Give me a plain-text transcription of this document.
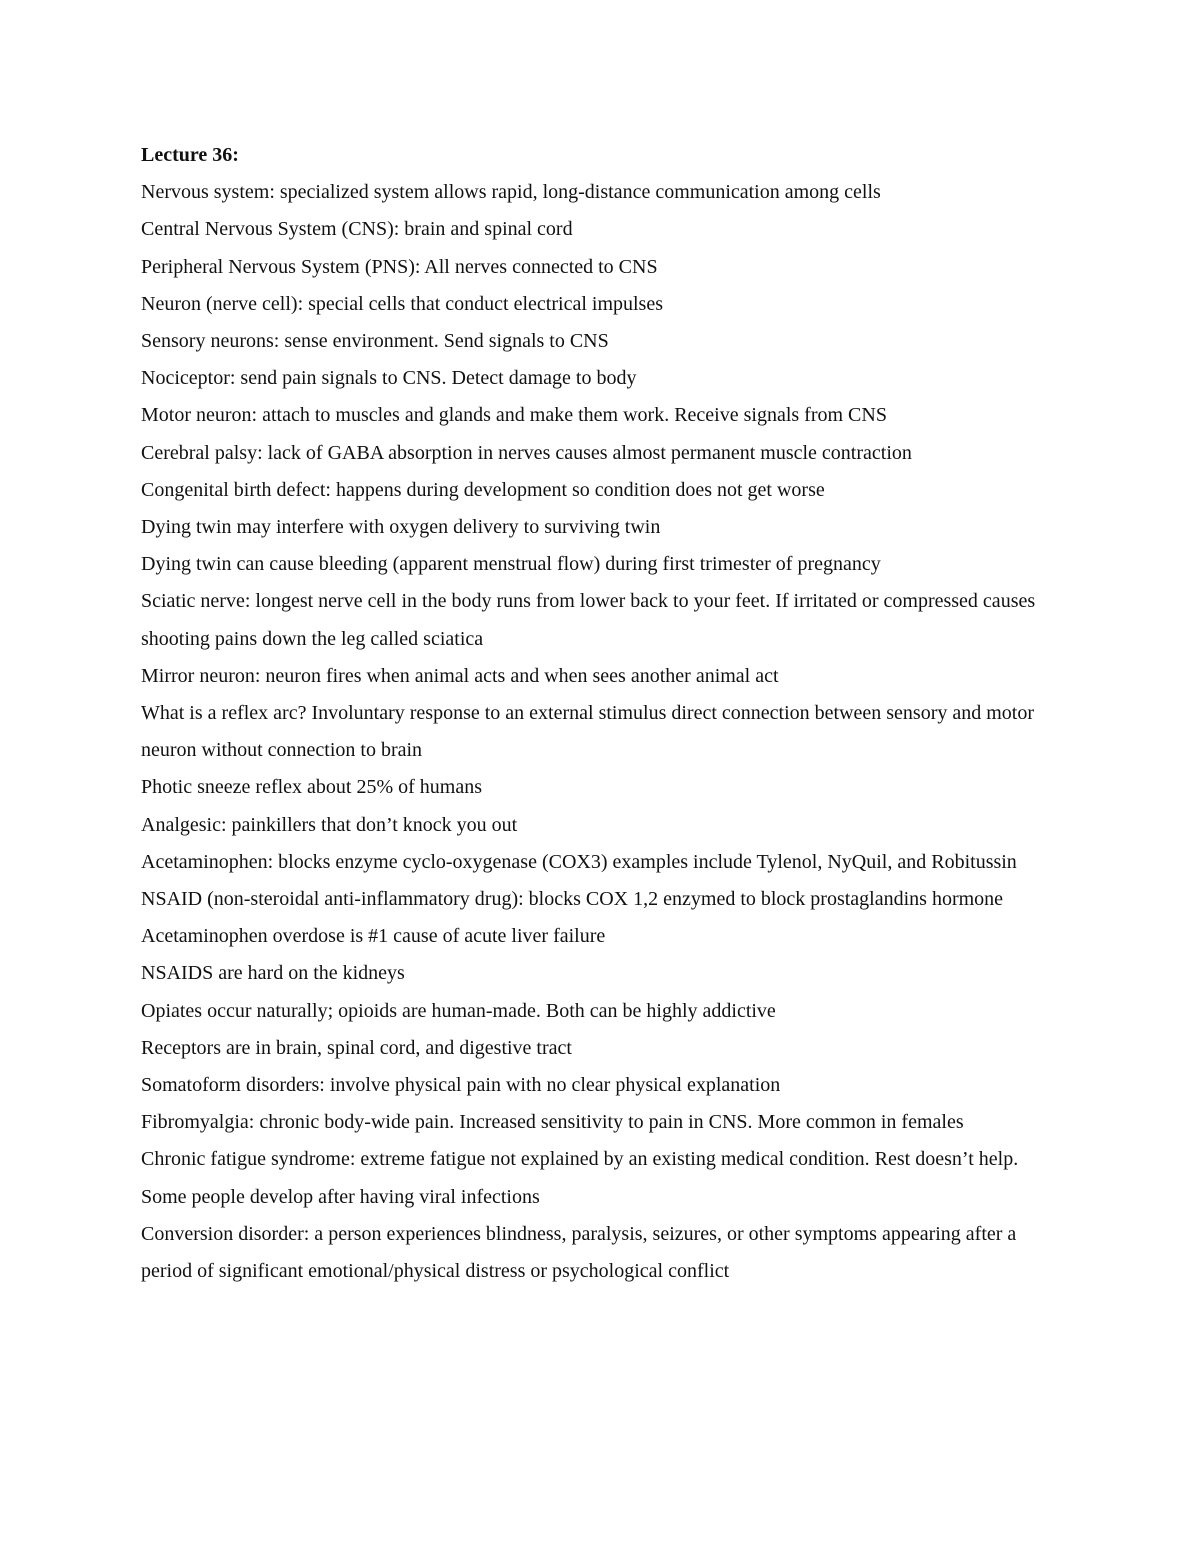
Lecture 36:

Nervous system: specialized system allows rapid, long-distance communication among cells

Central Nervous System (CNS): brain and spinal cord

Peripheral Nervous System (PNS): All nerves connected to CNS

Neuron (nerve cell): special cells that conduct electrical impulses

Sensory neurons: sense environment. Send signals to CNS

Nociceptor: send pain signals to CNS. Detect damage to body

Motor neuron: attach to muscles and glands and make them work. Receive signals from CNS

Cerebral palsy: lack of GABA absorption in nerves causes almost permanent muscle contraction

Congenital birth defect: happens during development so condition does not get worse

Dying twin may interfere with oxygen delivery to surviving twin

Dying twin can cause bleeding (apparent menstrual flow) during first trimester of pregnancy

Sciatic nerve: longest nerve cell in the body runs from lower back to your feet. If irritated or compressed causes shooting pains down the leg called sciatica

Mirror neuron: neuron fires when animal acts and when sees another animal act

What is a reflex arc? Involuntary response to an external stimulus direct connection between sensory and motor neuron without connection to brain

Photic sneeze reflex about 25% of humans

Analgesic: painkillers that don’t knock you out

Acetaminophen: blocks enzyme cyclo-oxygenase (COX3) examples include Tylenol, NyQuil, and Robitussin

NSAID (non-steroidal anti-inflammatory drug): blocks COX 1,2 enzymed to block prostaglandins hormone

Acetaminophen overdose is #1 cause of acute liver failure

NSAIDS are hard on the kidneys

Opiates occur naturally; opioids are human-made. Both can be highly addictive

Receptors are in brain, spinal cord, and digestive tract

Somatoform disorders: involve physical pain with no clear physical explanation

Fibromyalgia: chronic body-wide pain. Increased sensitivity to pain in CNS. More common in females

Chronic fatigue syndrome: extreme fatigue not explained by an existing medical condition. Rest doesn’t help. Some people develop after having viral infections

Conversion disorder: a person experiences blindness, paralysis, seizures, or other symptoms appearing after a period of significant emotional/physical distress or psychological conflict
